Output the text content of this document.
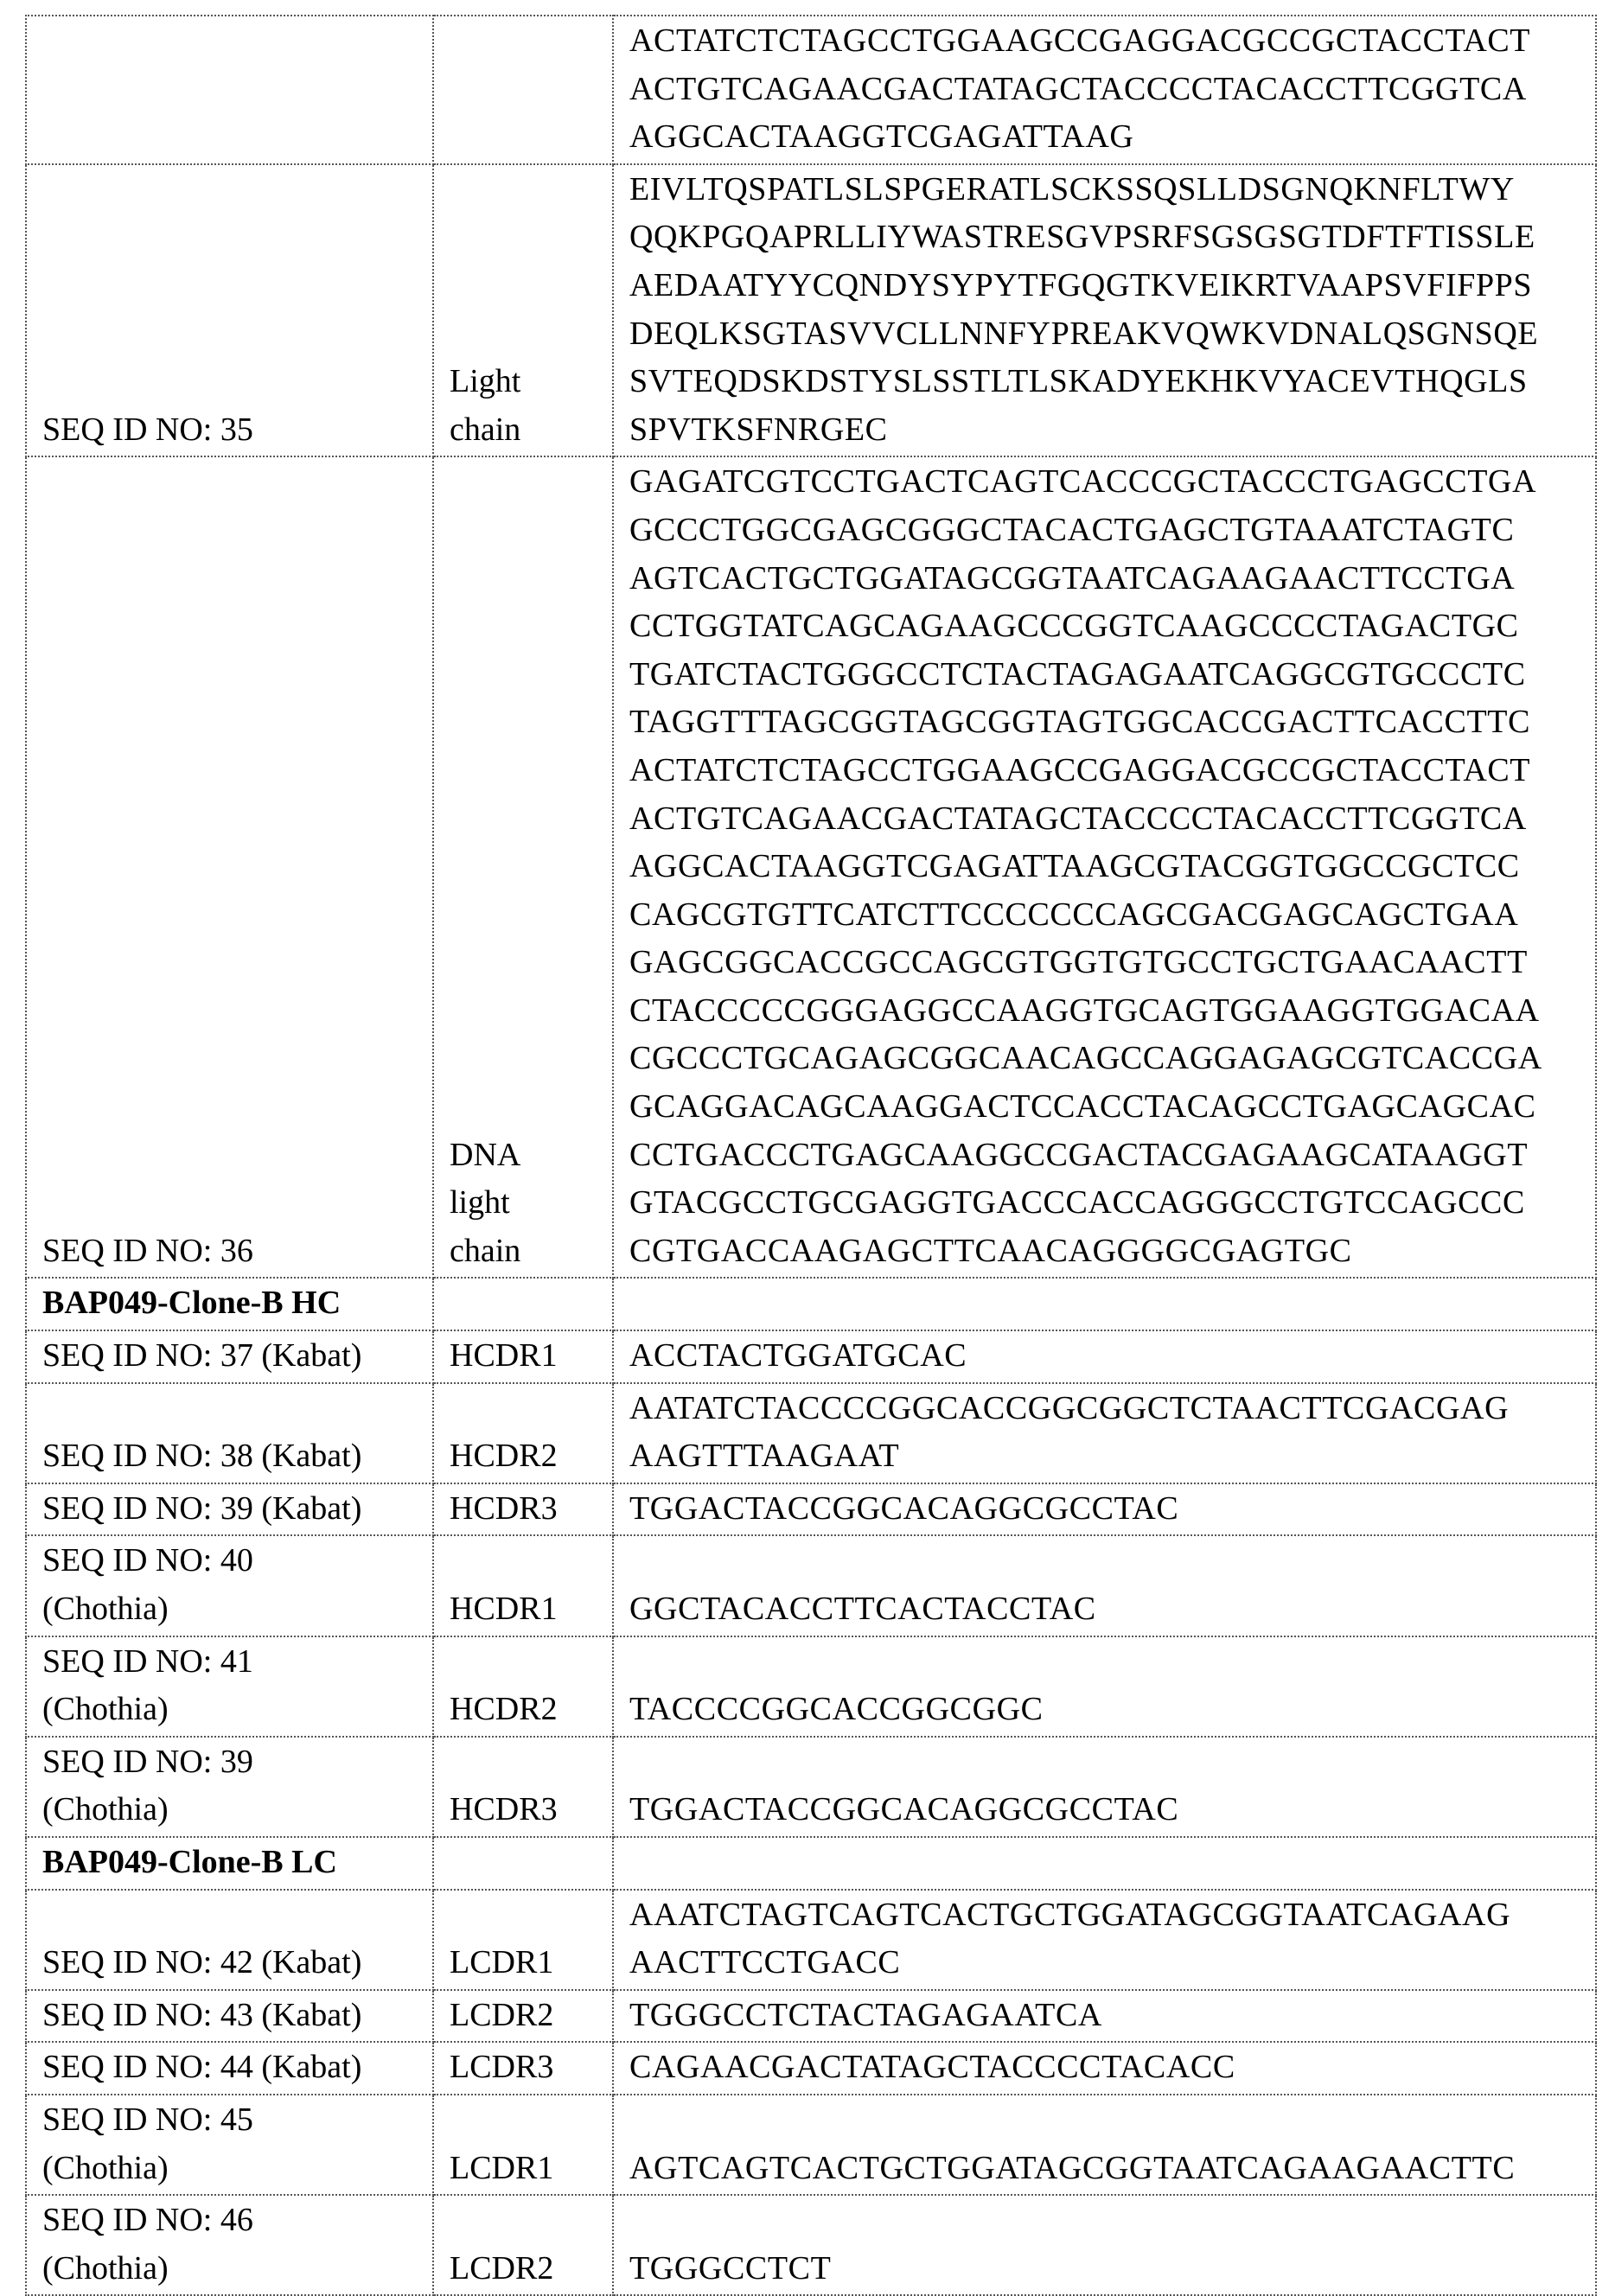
ACTATCTCTAGCCTGGAAGCCGAGGACGCCGCTACCTACT
ACTGTCAGAACGACTATAGCTACCCCTACACCTTCGGTCA
AGGCACTAAGGTCGAGATTAAG

SEQ ID NO: 35

Light
chain

EIVLTQSPATLSLSPGERATLSCKSSQSLLDSGNQKNFLTWY
QQKPGQAPRLLIYWASTRESGVPSRFSGSGSGTDFTFTISSLE
AEDAATYYCQNDYSYPYTFGQGTKVEIKRTVAAPSVFIFPPS
DEQLKSGTASVVCLLNNFYPREAKVQWKVDNALQSGNSQE
SVTEQDSKDSTYSLSSTLTLSKADYEKHKVYACEVTHQGLS
SPVTKSFNRGEC

SEQ ID NO: 36

DNA
light
chain

GAGATCGTCCTGACTCAGTCACCCGCTACCCTGAGCCTGA
GCCCTGGCGAGCGGGCTACACTGAGCTGTAAATCTAGTC
AGTCACTGCTGGATAGCGGTAATCAGAAGAACTTCCTGA
CCTGGTATCAGCAGAAGCCCGGTCAAGCCCCTAGACTGC
TGATCTACTGGGCCTCTACTAGAGAATCAGGCGTGCCCTC
TAGGTTTAGCGGTAGCGGTAGTGGCACCGACTTCACCTTC
ACTATCTCTAGCCTGGAAGCCGAGGACGCCGCTACCTACT
ACTGTCAGAACGACTATAGCTACCCCTACACCTTCGGTCA
AGGCACTAAGGTCGAGATTAAGCGTACGGTGGCCGCTCC
CAGCGTGTTCATCTTCCCCCCCAGCGACGAGCAGCTGAA
GAGCGGCACCGCCAGCGTGGTGTGCCTGCTGAACAACTT
CTACCCCCGGGAGGCCAAGGTGCAGTGGAAGGTGGACAA
CGCCCTGCAGAGCGGCAACAGCCAGGAGAGCGTCACCGA
GCAGGACAGCAAGGACTCCACCTACAGCCTGAGCAGCAC
CCTGACCCTGAGCAAGGCCGACTACGAGAAGCATAAGGT
GTACGCCTGCGAGGTGACCCACCAGGGCCTGTCCAGCCC
CGTGACCAAGAGCTTCAACAGGGGCGAGTGC

BAP049-Clone-B HC

SEQ ID NO: 37 (Kabat)	HCDR1	ACCTACTGGATGCAC

SEQ ID NO: 38 (Kabat)	HCDR2

AATATCTACCCCGGCACCGGCGGCTCTAACTTCGACGAG
AAGTTTAAGAAT

SEQ ID NO: 39 (Kabat)	HCDR3	TGGACTACCGGCACAGGCGCCTAC

SEQ ID NO: 40
(Chothia)	HCDR1	GGCTACACCTTCACTACCTAC

SEQ ID NO: 41
(Chothia)	HCDR2	TACCCCGGCACCGGCGGC

SEQ ID NO: 39
(Chothia)	HCDR3	TGGACTACCGGCACAGGCGCCTAC

BAP049-Clone-B LC

SEQ ID NO: 42 (Kabat)	LCDR1

AAATCTAGTCAGTCACTGCTGGATAGCGGTAATCAGAAG
AACTTCCTGACC

SEQ ID NO: 43 (Kabat)	LCDR2	TGGGCCTCTACTAGAGAATCA

SEQ ID NO: 44 (Kabat)	LCDR3	CAGAACGACTATAGCTACCCCTACACC

SEQ ID NO: 45
(Chothia)	LCDR1	AGTCAGTCACTGCTGGATAGCGGTAATCAGAAGAACTTC

SEQ ID NO: 46
(Chothia)	LCDR2	TGGGCCTCT
